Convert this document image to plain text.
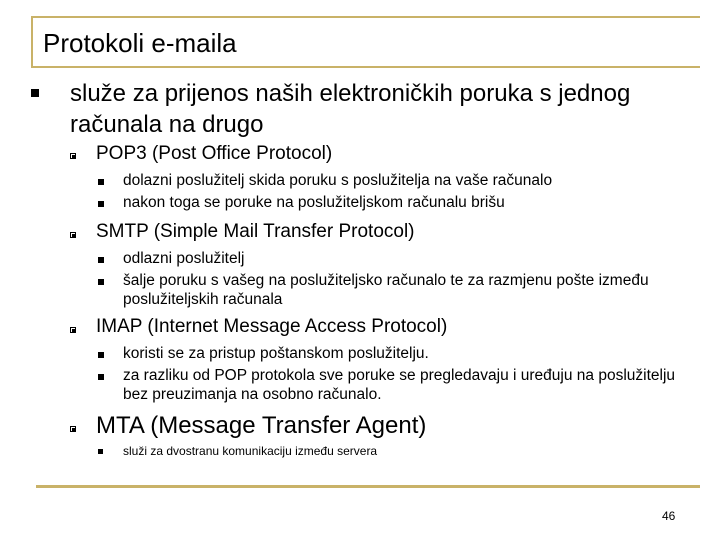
Protokoli e-maila
služe za prijenos naših elektroničkih poruka s jednog računala na drugo
POP3 (Post Office Protocol)
dolazni poslužitelj skida poruku s poslužitelja na vaše računalo
nakon toga se poruke na poslužiteljskom računalu brišu
SMTP (Simple Mail Transfer Protocol)
odlazni poslužitelj
šalje poruku s vašeg na poslužiteljsko računalo te za razmjenu pošte između poslužiteljskih računala
IMAP (Internet Message Access Protocol)
koristi se za pristup poštanskom poslužitelju.
za razliku od POP protokola sve poruke se pregledavaju i uređuju na poslužitelju bez preuzimanja na osobno računalo.
MTA (Message Transfer Agent)
služi za dvostranu komunikaciju između servera
46
